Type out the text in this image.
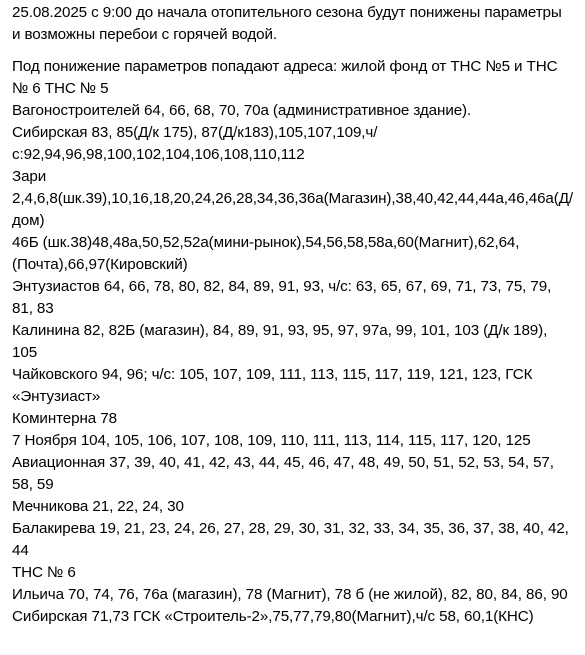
25.08.2025 с 9:00 до начала отопительного сезона будут понижены параметры и возможны перебои с горячей водой.

Под понижение параметров попадают адреса: жилой фонд от ТНС №5 и ТНС № 6 ТНС № 5
Вагоностроителей 64, 66, 68, 70, 70а (административное здание).
Сибирская 83, 85(Д/к 175), 87(Д/к183),105,107,109,ч/с:92,94,96,98,100,102,104,106,108,110,112
Зари
2,4,6,8(шк.39),10,16,18,20,24,26,28,34,36,36а(Магазин),38,40,42,44,44а,46,46а(Д/дом)
46Б (шк.38)48,48а,50,52,52а(мини-рынок),54,56,58,58а,60(Магнит),62,64,(Почта),66,97(Кировский)
Энтузиастов 64, 66, 78, 80, 82, 84, 89, 91, 93, ч/с: 63, 65, 67, 69, 71, 73, 75, 79, 81, 83
Калинина 82, 82Б (магазин), 84, 89, 91, 93, 95, 97, 97а, 99, 101, 103 (Д/к 189), 105
Чайковского 94, 96; ч/с: 105, 107, 109, 111, 113, 115, 117, 119, 121, 123, ГСК «Энтузиаст»
Коминтерна 78
7 Ноября 104, 105, 106, 107, 108, 109, 110, 111, 113, 114, 115, 117, 120, 125
Авиационная 37, 39, 40, 41, 42, 43, 44, 45, 46, 47, 48, 49, 50, 51, 52, 53, 54, 57, 58, 59
Мечникова 21, 22, 24, 30
Балакирева 19, 21, 23, 24, 26, 27, 28, 29, 30, 31, 32, 33, 34, 35, 36, 37, 38, 40, 42, 44
ТНС № 6
Ильича 70, 74, 76, 76а (магазин), 78 (Магнит), 78 б (не жилой), 82, 80, 84, 86, 90
Сибирская 71,73 ГСК «Строитель-2»,75,77,79,80(Магнит),ч/с 58, 60,1(КНС)
